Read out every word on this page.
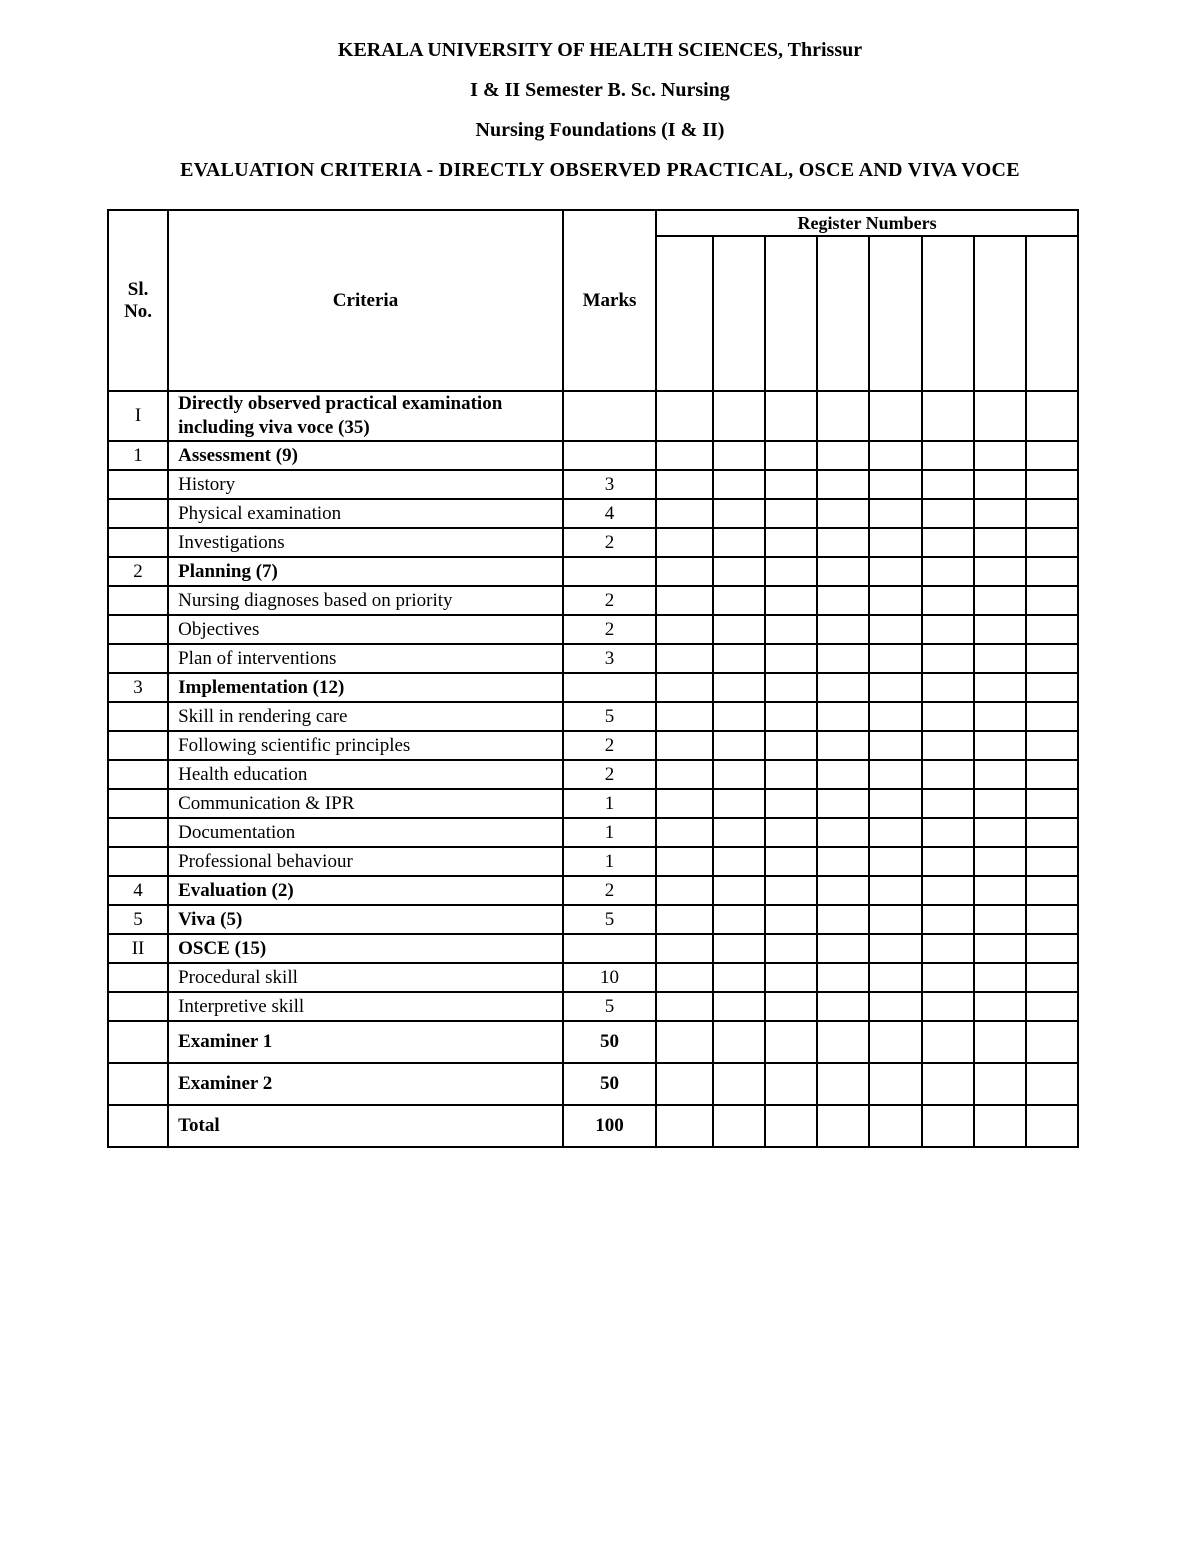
KERALA UNIVERSITY OF HEALTH SCIENCES, Thrissur
I & II Semester B. Sc. Nursing
Nursing Foundations (I & II)
EVALUATION CRITERIA - DIRECTLY OBSERVED PRACTICAL, OSCE AND VIVA VOCE
Sl. No.	Criteria	Marks	Register Numbers							

I	Directly observed practical examination including viva voce (35)									
1	Assessment (9)									
	History	3								
	Physical examination	4								
	Investigations	2								
2	Planning (7)									
	Nursing diagnoses based on priority	2								
	Objectives	2								
	Plan of interventions	3								
3	Implementation (12)									
	Skill in rendering care	5								
	Following scientific principles	2								
	Health education	2								
	Communication & IPR	1								
	Documentation	1								
	Professional behaviour	1								
4	Evaluation (2)	2								
5	Viva (5)	5								
II	OSCE (15)									
	Procedural skill	10								
	Interpretive skill	5								
	Examiner 1	50								
	Examiner 2	50								
	Total	100								
